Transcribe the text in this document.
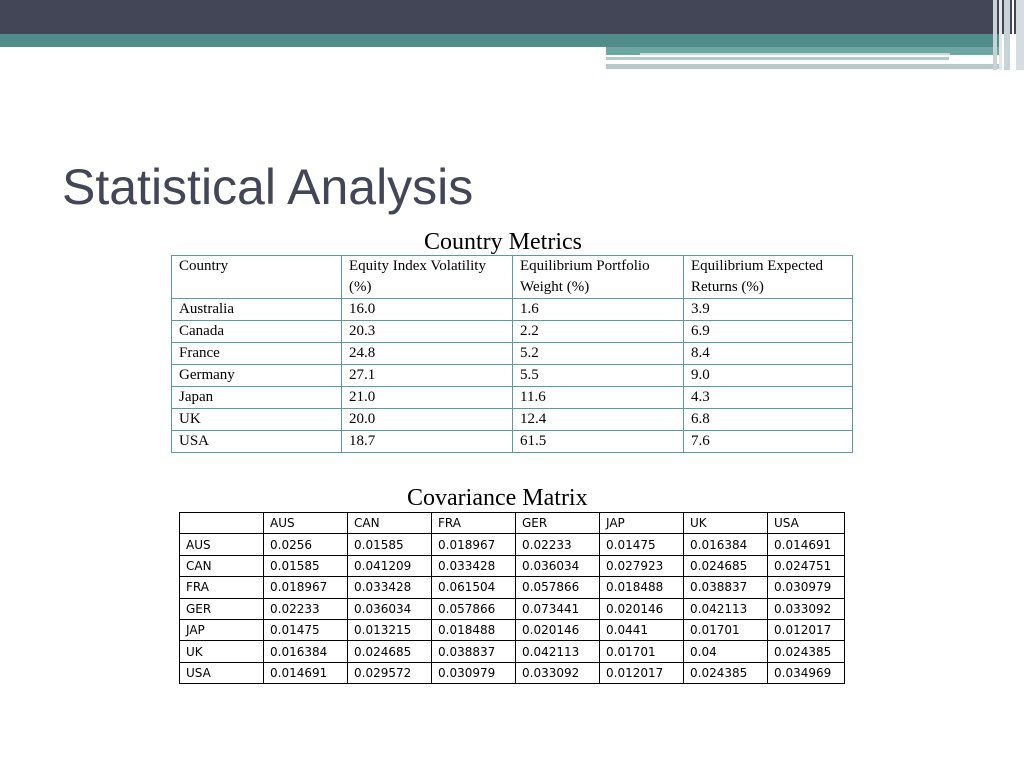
Statistical Analysis
Country Metrics
Country	Equity Index Volatility (%)	Equilibrium Portfolio Weight (%)	Equilibrium Expected Returns (%)
Australia	16.0	1.6	3.9
Canada	20.3	2.2	6.9
France	24.8	5.2	8.4
Germany	27.1	5.5	9.0
Japan	21.0	11.6	4.3
UK	20.0	12.4	6.8
USA	18.7	61.5	7.6
Covariance Matrix
	AUS	CAN	FRA	GER	JAP	UK	USA
AUS	0.0256	0.01585	0.018967	0.02233	0.01475	0.016384	0.014691
CAN	0.01585	0.041209	0.033428	0.036034	0.027923	0.024685	0.024751
FRA	0.018967	0.033428	0.061504	0.057866	0.018488	0.038837	0.030979
GER	0.02233	0.036034	0.057866	0.073441	0.020146	0.042113	0.033092
JAP	0.01475	0.013215	0.018488	0.020146	0.0441	0.01701	0.012017
UK	0.016384	0.024685	0.038837	0.042113	0.01701	0.04	0.024385
USA	0.014691	0.029572	0.030979	0.033092	0.012017	0.024385	0.034969
